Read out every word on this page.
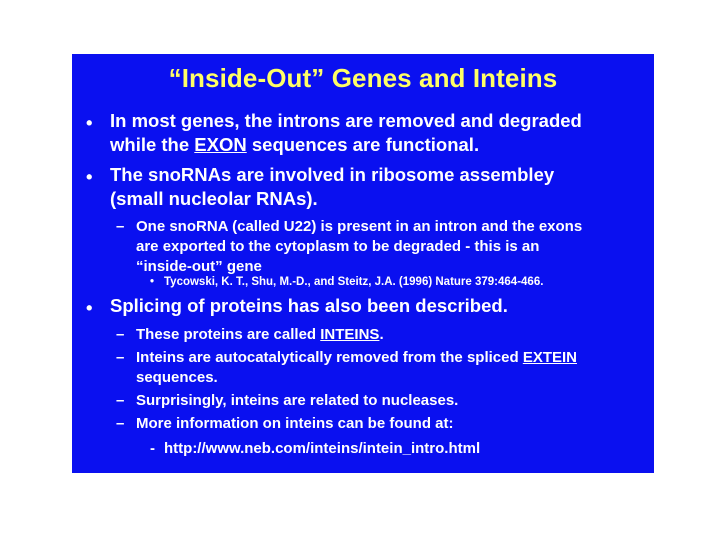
“Inside-Out” Genes and Inteins
• In most genes, the introns are removed and degraded
while the EXON sequences are functional.
• The snoRNAs are involved in ribosome assembley
(small nucleolar RNAs).
– One snoRNA (called U22) is present in an intron and the exons
are exported to the cytoplasm to be degraded - this is an
“inside-out” gene
• Tycowski, K. T., Shu, M.-D., and Steitz, J.A. (1996) Nature 379:464-466.
• Splicing of proteins has also been described.
– These proteins are called INTEINS.
– Inteins are autocatalytically removed from the spliced EXTEIN
sequences.
– Surprisingly, inteins are related to nucleases.
– More information on inteins can be found at:
- http://www.neb.com/inteins/intein_intro.html
